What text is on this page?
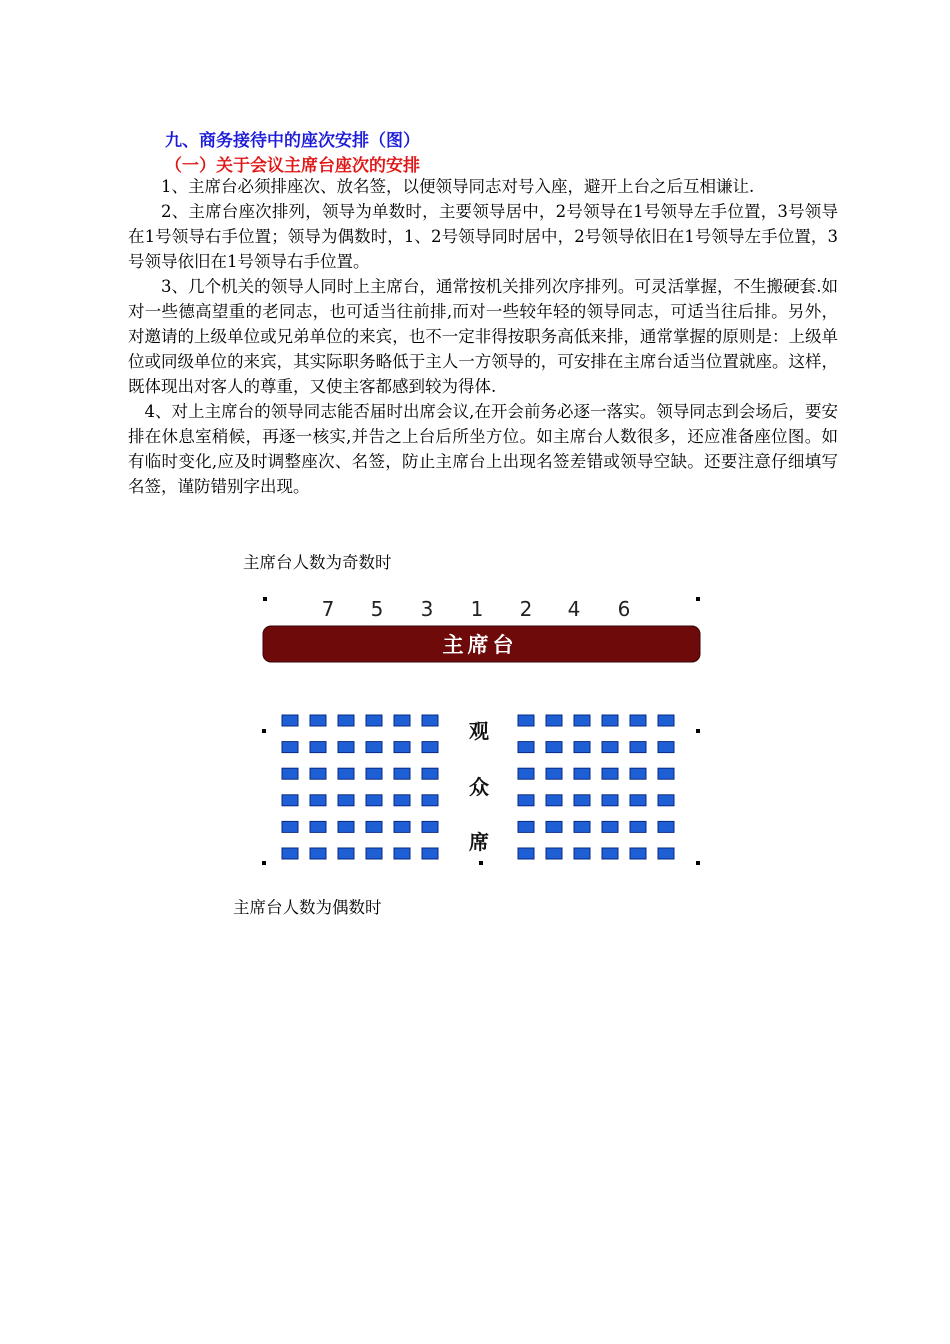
九、商务接待中的座次安排（图）
（一）关于会议主席台座次的安排

1、主席台必须排座次、放名签，以便领导同志对号入座，避开上台之后互相谦让.

2、主席台座次排列，领导为单数时，主要领导居中，2号领导在1号领导左手位置，3号领导在1号领导右手位置；领导为偶数时，1、2号领导同时居中，2号领导依旧在1号领导左手位置，3号领导依旧在1号领导右手位置。

3、几个机关的领导人同时上主席台，通常按机关排列次序排列。可灵活掌握，不生搬硬套.如对一些德高望重的老同志，也可适当往前排,而对一些较年轻的领导同志，可适当往后排。另外，对邀请的上级单位或兄弟单位的来宾，也不一定非得按职务高低来排，通常掌握的原则是：上级单位或同级单位的来宾，其实际职务略低于主人一方领导的，可安排在主席台适当位置就座。这样，既体现出对客人的尊重，又使主客都感到较为得体.

4、对上主席台的领导同志能否届时出席会议,在开会前务必逐一落实。领导同志到会场后，要安排在休息室稍候，再逐一核实,并告之上台后所坐方位。如主席台人数很多，还应准备座位图。如有临时变化,应及时调整座次、名签，防止主席台上出现名签差错或领导空缺。还要注意仔细填写名签，谨防错别字出现。

主席台人数为奇数时
7 5 3 1 2 4 6
主席台
观
众
席
主席台人数为偶数时
